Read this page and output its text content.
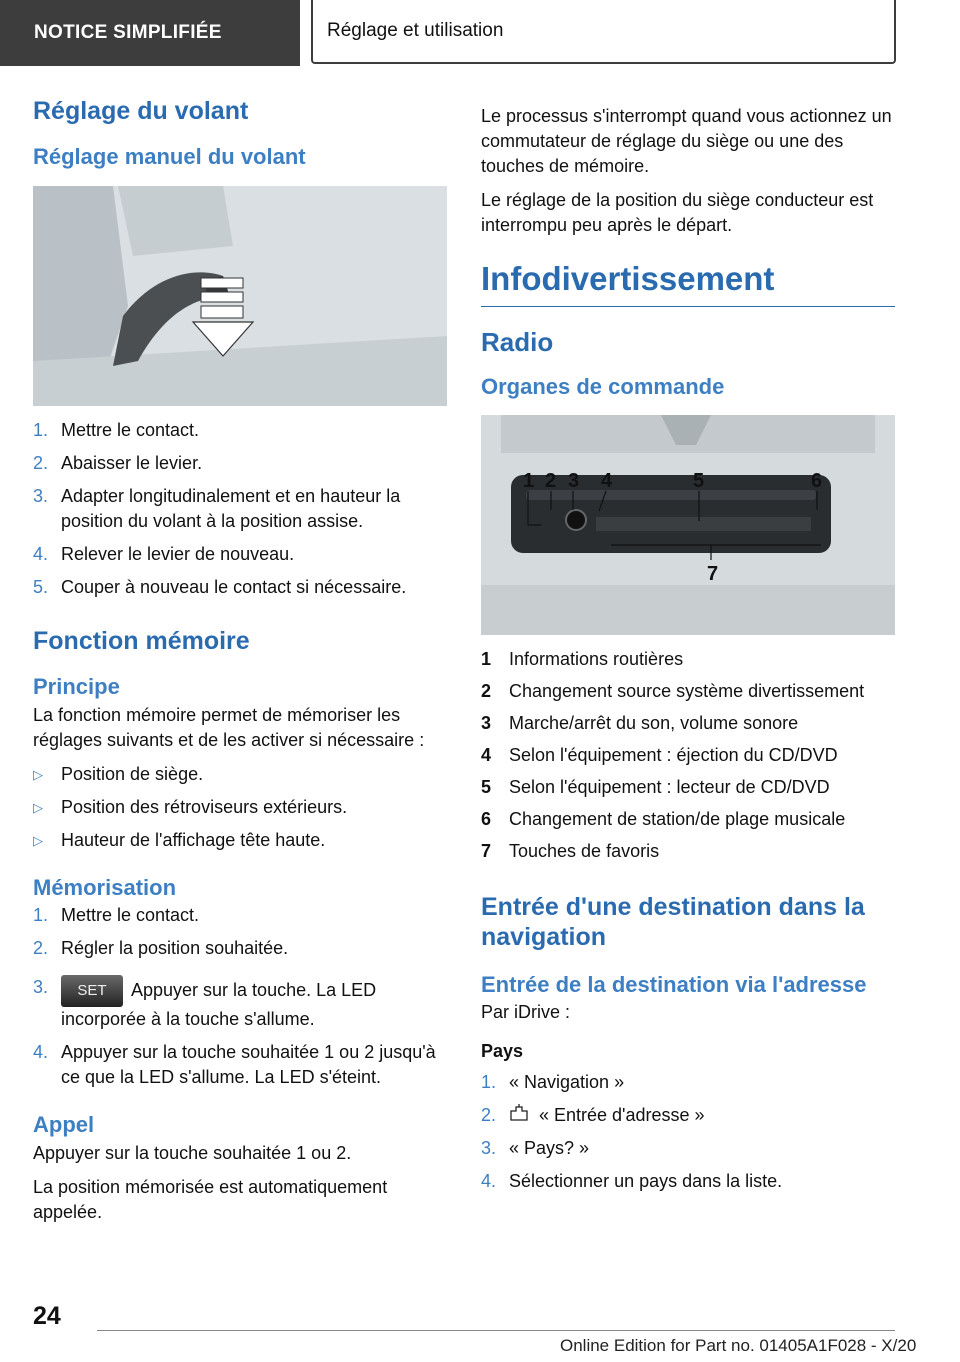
NOTICE SIMPLIFIÉE	Réglage et utilisation
Réglage du volant
Réglage manuel du volant
1. Mettre le contact.
2. Abaisser le levier.
3. Adapter longitudinalement et en hauteur la position du volant à la position assise.
4. Relever le levier de nouveau.
5. Couper à nouveau le contact si nécessaire.
Fonction mémoire
Principe

La fonction mémoire permet de mémoriser les réglages suivants et de les activer si nécessaire :

▷	Position de siège.
▷	Position des rétroviseurs extérieurs.
▷	Hauteur de l'affichage tête haute.
Mémorisation
1. Mettre le contact.
2. Régler la position souhaitée.
3.	SET Appuyer sur la touche. La LED incorporée à la touche s'allume.
4. Appuyer sur la touche souhaitée 1 ou 2 jusqu'à ce que la LED s'allume. La LED s'éteint.
Appel

Appuyer sur la touche souhaitée 1 ou 2.

La position mémorisée est automatiquement appelée.

Le processus s'interrompt quand vous actionnez un commutateur de réglage du siège ou une des touches de mémoire.

Le réglage de la position du siège conducteur est interrompu peu après le départ.

Infodivertissement
Radio
Organes de commande
1 2 3 4	5	6
7
1 Informations routières
2 Changement source système divertissement
3 Marche/arrêt du son, volume sonore
4 Selon l'équipement : éjection du CD/DVD
5 Selon l'équipement : lecteur de CD/DVD
6 Changement de station/de plage musicale
7 Touches de favoris
Entrée d'une destination dans la navigation
Entrée de la destination via l'adresse

Par iDrive :

Pays

1. « Navigation »
2.	« Entrée d'adresse »
3. « Pays? »
4. Sélectionner un pays dans la liste.
24
Online Edition for Part no. 01405A1F028 - X/20
